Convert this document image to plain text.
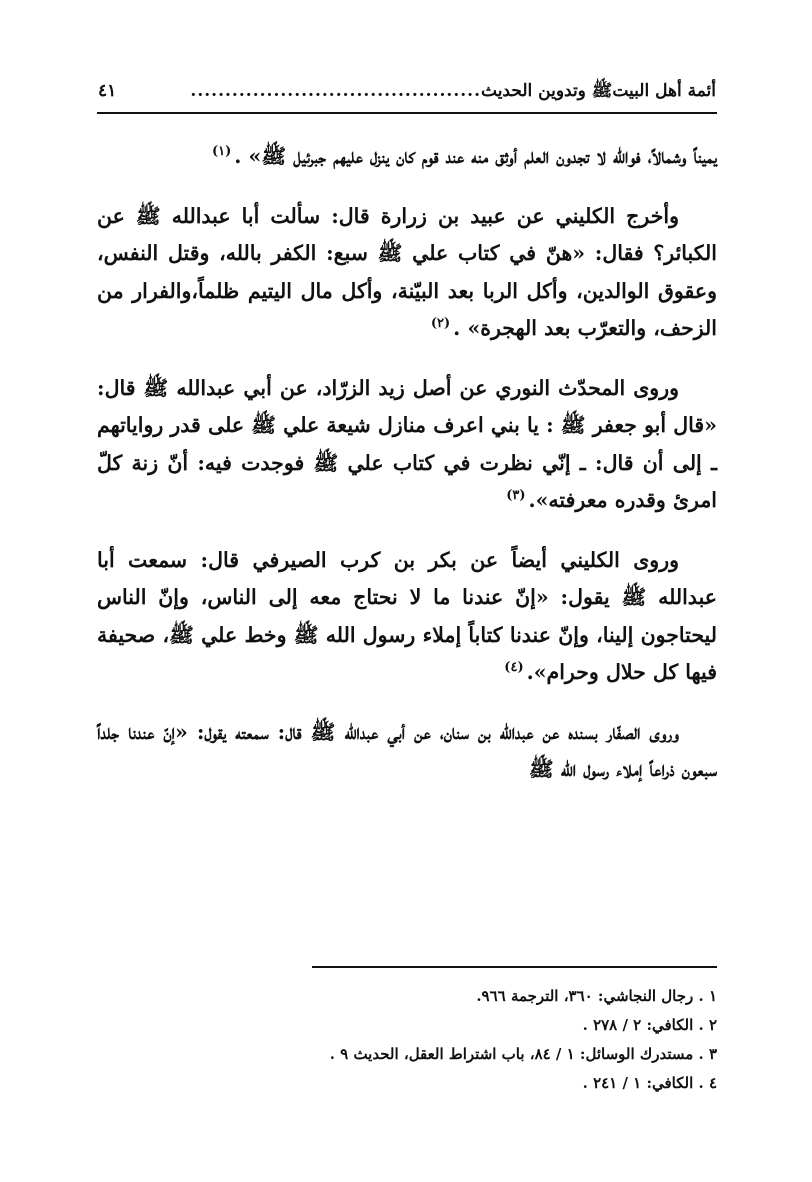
أئمة أهل البيتﷺ وتدوين الحديث
..........................................
٤١

يميناً وشمالاً، فوالله لا تجدون العلم أوثق منه عند قوم كان ينزل عليهم جبرئيل ﷺ» .$^{(١)}$

وأخرج الكليني عن عبيد بن زرارة قال: سألت أبا عبدالله ﷺ عن الكبائر؟ فقال: «هنّ في كتاب علي ﷺ سبع: الكفر بالله، وقتل النفس، وعقوق الوالدين، وأكل الربا بعد البيّنة، وأكل مال اليتيم ظلماً،والفرار من الزحف، والتعرّب بعد الهجرة» .$^{(٢)}$

وروى المحدّث النوري عن أصل زيد الزرّاد، عن أبي عبدالله ﷺ قال: «قال أبو جعفر ﷺ : يا بني اعرف منازل شيعة علي ﷺ على قدر رواياتهم ـ إلى أن قال: ـ إنّي نظرت في كتاب علي ﷺ فوجدت فيه: أنّ زنة كلّ امرئ وقدره معرفته».$^{(٣)}$

وروى الكليني أيضاً عن بكر بن كرب الصيرفي قال: سمعت أبا عبدالله ﷺ يقول: «إنّ عندنا ما لا نحتاج معه إلى الناس، وإنّ الناس ليحتاجون إلينا، وإنّ عندنا كتاباً إملاء رسول الله ﷺ وخط علي ﷺ، صحيفة فيها كل حلال وحرام».$^{(٤)}$

وروى الصفّار بسنده عن عبدالله بن سنان، عن أبي عبدالله ﷺ قال: سمعته يقول: «إنّ عندنا جلداً سبعون ذراعاً إملاء رسول الله ﷺ

١ . رجال النجاشي: ٣٦٠، الترجمة ٩٦٦.
٢ . الكافي: ٢ / ٢٧٨ .
٣ . مستدرك الوسائل: ١ / ٨٤، باب اشتراط العقل، الحديث ٩ .
٤ . الكافي: ١ / ٢٤١ .
